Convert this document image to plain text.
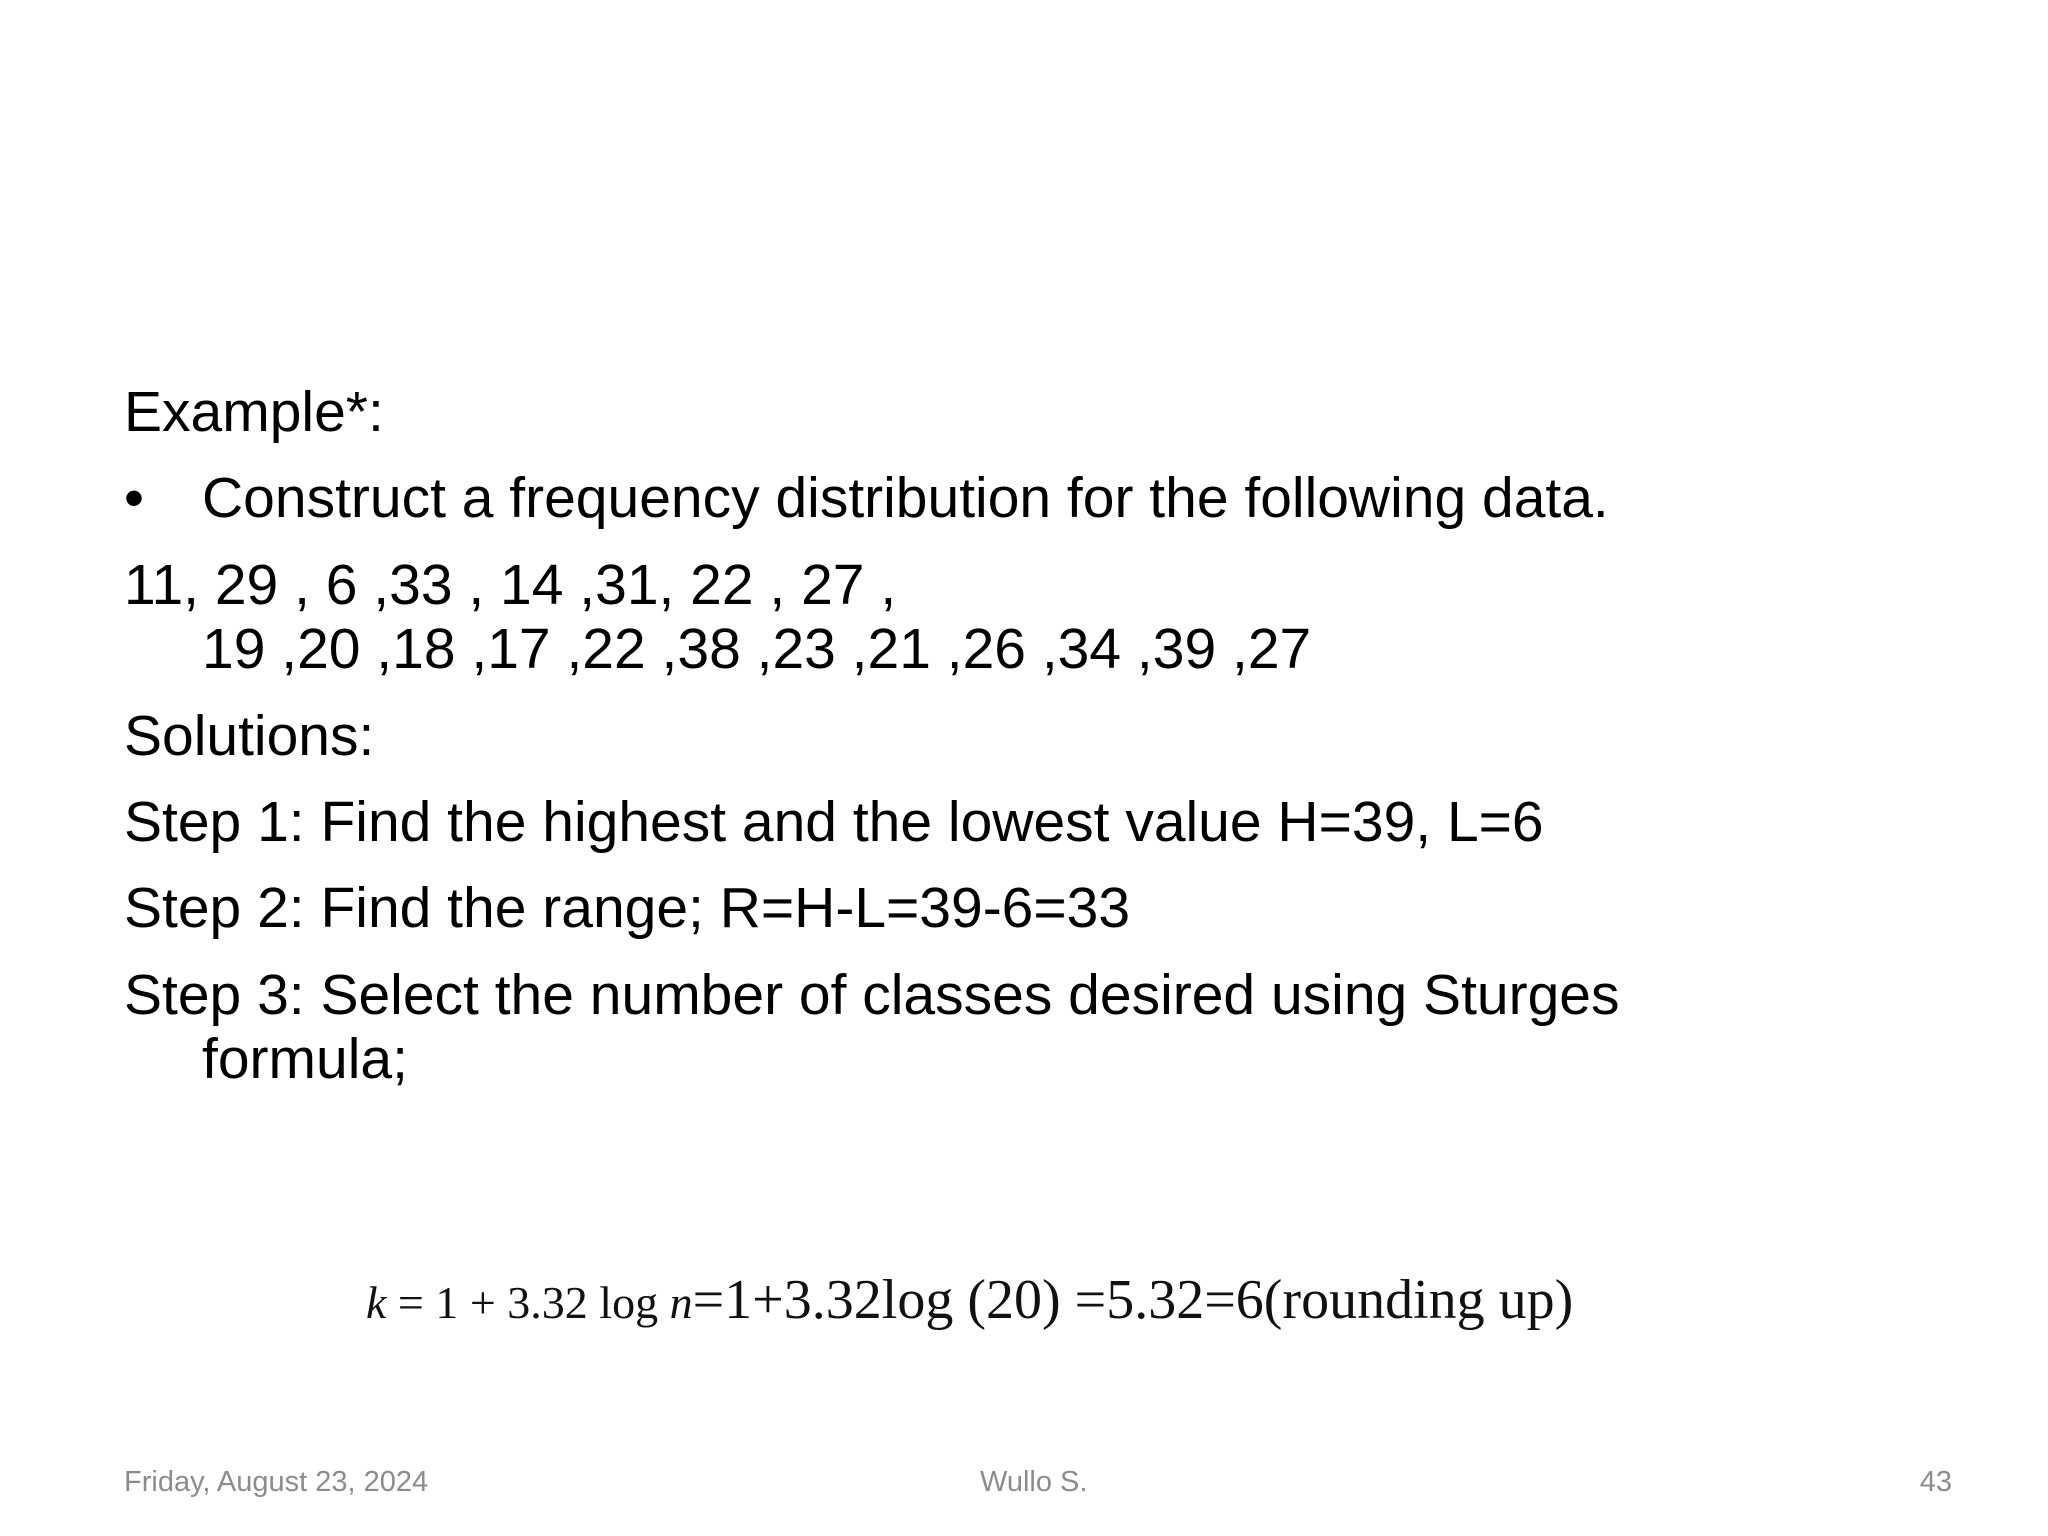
Example*:

• Construct a frequency distribution for the following data.

11, 29 , 6 ,33 , 14 ,31, 22 , 27 ,
19 ,20 ,18 ,17 ,22 ,38 ,23 ,21 ,26 ,34 ,39 ,27

Solutions:

Step 1: Find the highest and the lowest value H=39, L=6

Step 2: Find the range; R=H-L=39-6=33

Step 3: Select the number of classes desired using Sturges
formula;

k = 1 + 3.32 log n=1+3.32log (20) =5.32=6(rounding up)
Friday, August 23, 2024	Wullo S.	43
